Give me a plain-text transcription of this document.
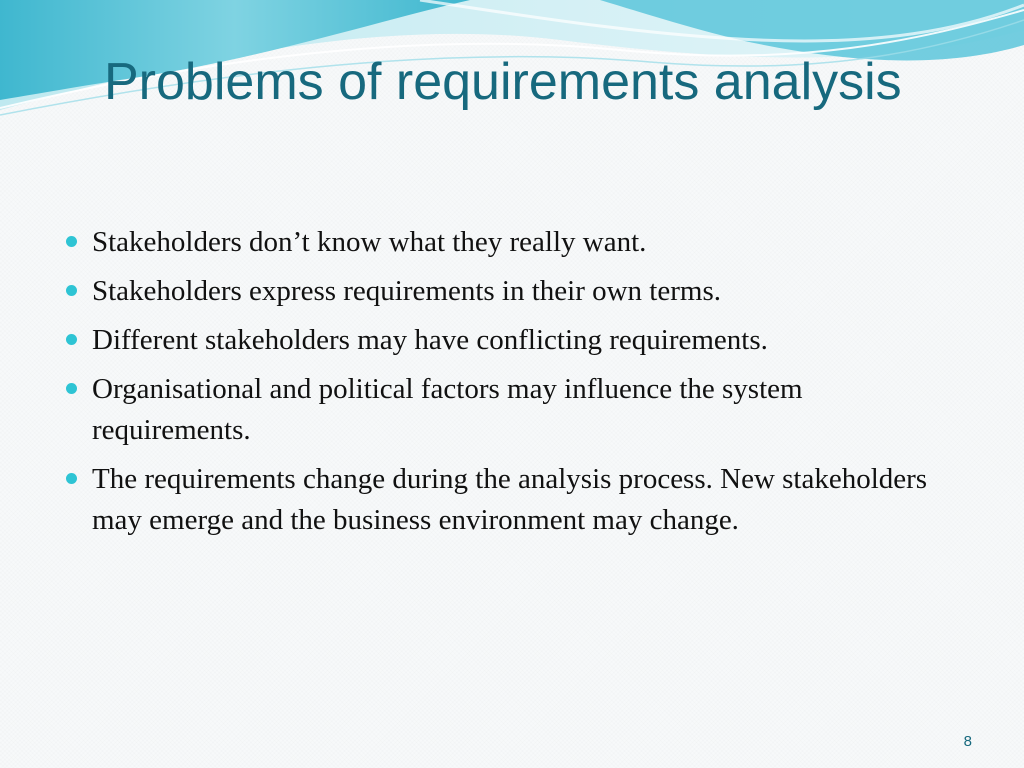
Problems of requirements analysis
Stakeholders don’t know what they really want.
Stakeholders express requirements in their own terms.
Different stakeholders may have conflicting requirements.
Organisational and political factors may influence the system requirements.
The requirements change during the analysis process. New stakeholders may emerge and the business environment may change.
8
